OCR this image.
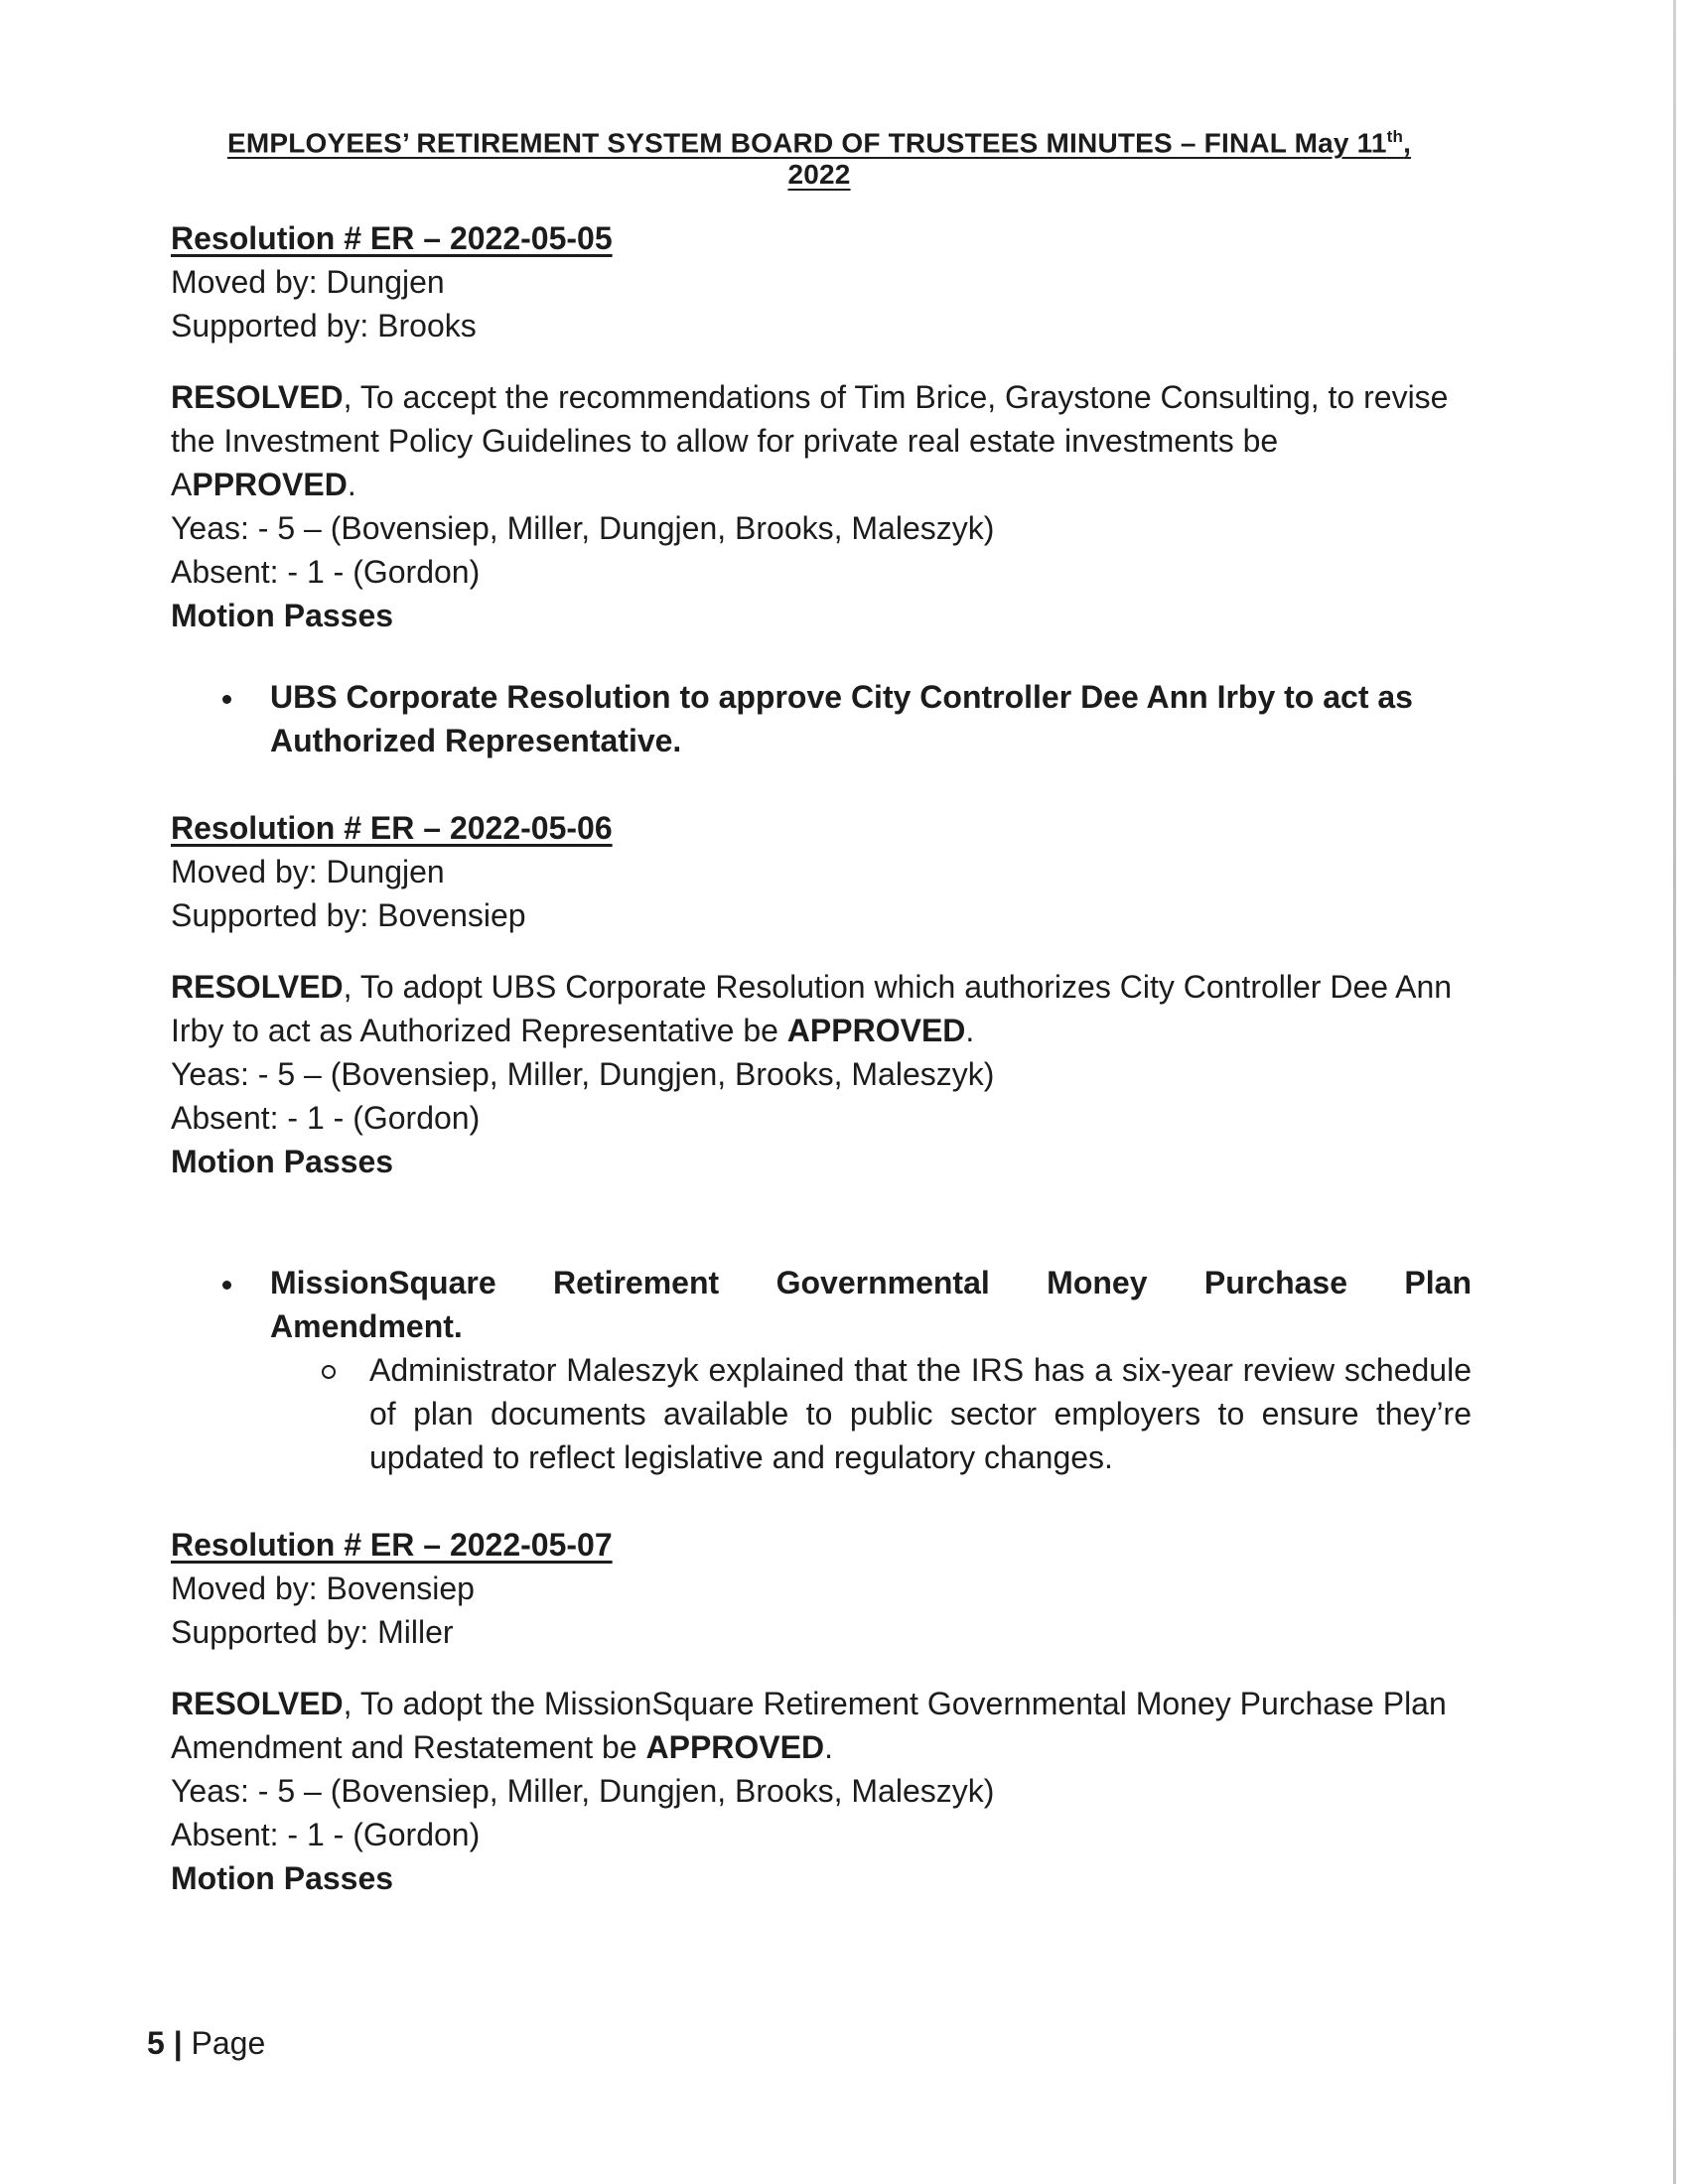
EMPLOYEES’ RETIREMENT SYSTEM BOARD OF TRUSTEES MINUTES – FINAL May 11th, 2022
Resolution # ER – 2022-05-05
Moved by: Dungjen
Supported by: Brooks
RESOLVED, To accept the recommendations of Tim Brice, Graystone Consulting, to revise the Investment Policy Guidelines to allow for private real estate investments be
APPROVED.
Yeas: - 5 – (Bovensiep, Miller, Dungjen, Brooks, Maleszyk)
Absent: - 1 - (Gordon)
Motion Passes
UBS Corporate Resolution to approve City Controller Dee Ann Irby to act as Authorized Representative.
Resolution # ER – 2022-05-06
Moved by: Dungjen
Supported by: Bovensiep
RESOLVED, To adopt UBS Corporate Resolution which authorizes City Controller Dee Ann Irby to act as Authorized Representative be APPROVED.
Yeas: - 5 – (Bovensiep, Miller, Dungjen, Brooks, Maleszyk)
Absent: - 1 - (Gordon)
Motion Passes
MissionSquare Retirement Governmental Money Purchase Plan
Amendment.
Administrator Maleszyk explained that the IRS has a six-year review schedule of plan documents available to public sector employers to ensure they’re updated to reflect legislative and regulatory changes.
Resolution # ER – 2022-05-07
Moved by: Bovensiep
Supported by: Miller
RESOLVED, To adopt the MissionSquare Retirement Governmental Money Purchase Plan Amendment and Restatement be APPROVED.
Yeas: - 5 – (Bovensiep, Miller, Dungjen, Brooks, Maleszyk)
Absent: - 1 - (Gordon)
Motion Passes
5 | Page
